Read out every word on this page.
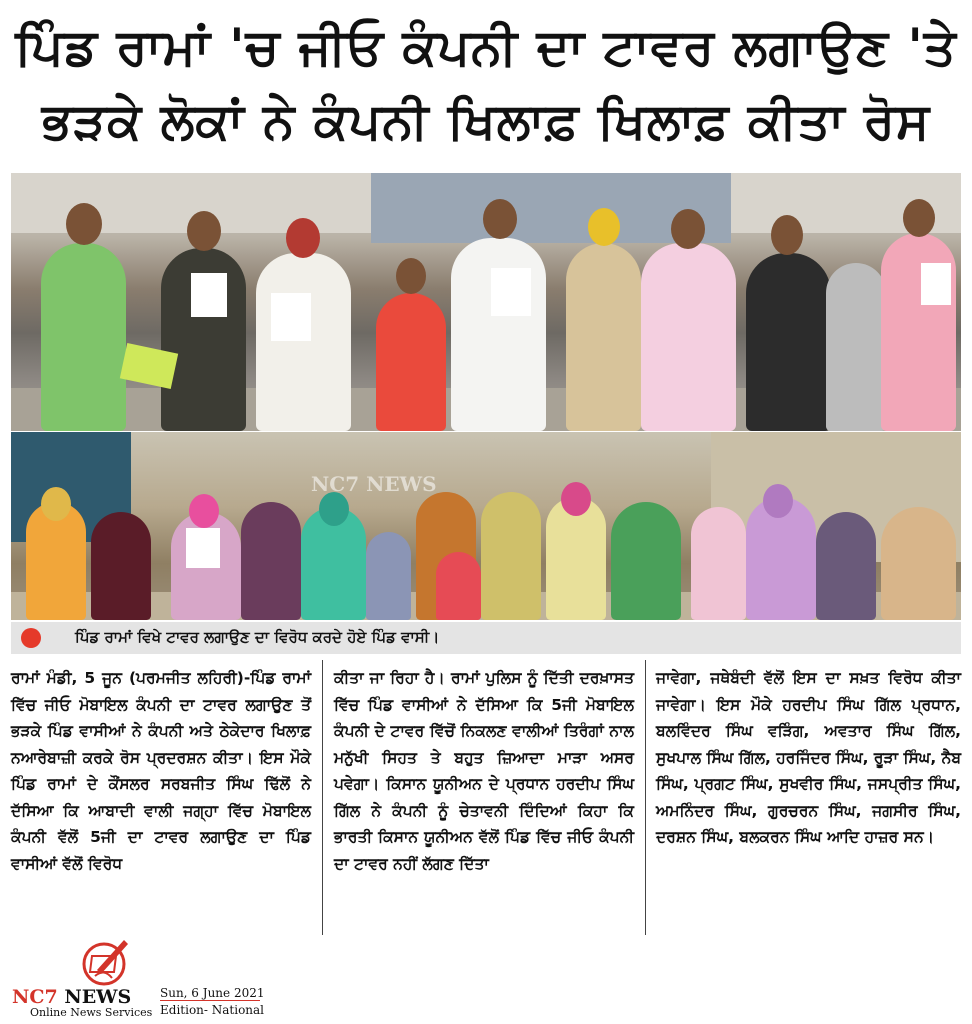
ਪਿੰਡ ਰਾਮਾਂ 'ਚ ਜੀਓ ਕੰਪਨੀ ਦਾ ਟਾਵਰ ਲਗਾਉਣ 'ਤੇ
ਭੜਕੇ ਲੋਕਾਂ ਨੇ ਕੰਪਨੀ ਖਿਲਾਫ਼ ਖਿਲਾਫ਼ ਕੀਤਾ ਰੋਸ
NC7 NEWS
ਪਿੰਡ ਰਾਮਾਂ ਵਿਖੇ ਟਾਵਰ ਲਗਾਉਣ ਦਾ ਵਿਰੋਧ ਕਰਦੇ ਹੋਏ ਪਿੰਡ ਵਾਸੀ।
ਰਾਮਾਂ ਮੰਡੀ, 5 ਜੂਨ (ਪਰਮਜੀਤ ਲਹਿਰੀ)-ਪਿੰਡ ਰਾਮਾਂ ਵਿੱਚ ਜੀਓ ਮੋਬਾਇਲ ਕੰਪਨੀ ਦਾ ਟਾਵਰ ਲਗਾਉਣ ਤੋਂ ਭੜਕੇ ਪਿੰਡ ਵਾਸੀਆਂ ਨੇ ਕੰਪਨੀ ਅਤੇ ਠੇਕੇਦਾਰ ਖਿਲਾਫ਼ ਨਆਰੇਬਾਜ਼ੀ ਕਰਕੇ ਰੋਸ ਪ੍ਰਦਰਸ਼ਨ ਕੀਤਾ। ਇਸ ਮੌਕੇ ਪਿੰਡ ਰਾਮਾਂ ਦੇ ਕੌਂਸਲਰ ਸਰਬਜੀਤ ਸਿੰਘ ਢਿੱਲੋਂ ਨੇ ਦੱਸਿਆ ਕਿ ਆਬਾਦੀ ਵਾਲੀ ਜਗ੍ਹਾ ਵਿੱਚ ਮੋਬਾਇਲ ਕੰਪਨੀ ਵੱਲੋਂ 5ਜੀ ਦਾ ਟਾਵਰ ਲਗਾਉਣ ਦਾ ਪਿੰਡ ਵਾਸੀਆਂ ਵੱਲੋਂ ਵਿਰੋਧ
ਕੀਤਾ ਜਾ ਰਿਹਾ ਹੈ। ਰਾਮਾਂ ਪੁਲਿਸ ਨੂੰ ਦਿੱਤੀ ਦਰਖ਼ਾਸਤ ਵਿੱਚ ਪਿੰਡ ਵਾਸੀਆਂ ਨੇ ਦੱਸਿਆ ਕਿ 5ਜੀ ਮੋਬਾਇਲ ਕੰਪਨੀ ਦੇ ਟਾਵਰ ਵਿੱਚੋਂ ਨਿਕਲਣ ਵਾਲੀਆਂ ਤਿਰੰਗਾਂ ਨਾਲ ਮਨੁੱਖੀ ਸਿਹਤ ਤੇ ਬਹੁਤ ਜ਼ਿਆਦਾ ਮਾੜਾ ਅਸਰ ਪਵੇਗਾ। ਕਿਸਾਨ ਯੂਨੀਅਨ ਦੇ ਪ੍ਰਧਾਨ ਹਰਦੀਪ ਸਿੰਘ ਗਿੱਲ ਨੇ ਕੰਪਨੀ ਨੂੰ ਚੇਤਾਵਨੀ ਦਿੰਦਿਆਂ ਕਿਹਾ ਕਿ ਭਾਰਤੀ ਕਿਸਾਨ ਯੂਨੀਅਨ ਵੱਲੋਂ ਪਿੰਡ ਵਿੱਚ ਜੀਓ ਕੰਪਨੀ ਦਾ ਟਾਵਰ ਨਹੀਂ ਲੱਗਣ ਦਿੱਤਾ
ਜਾਵੇਗਾ, ਜਥੇਬੰਦੀ ਵੱਲੋਂ ਇਸ ਦਾ ਸਖ਼ਤ ਵਿਰੋਧ ਕੀਤਾ ਜਾਵੇਗਾ। ਇਸ ਮੌਕੇ ਹਰਦੀਪ ਸਿੰਘ ਗਿੱਲ ਪ੍ਰਧਾਨ, ਬਲਵਿੰਦਰ ਸਿੰਘ ਵੜਿੰਗ, ਅਵਤਾਰ ਸਿੰਘ ਗਿੱਲ, ਸੁਖਪਾਲ ਸਿੰਘ ਗਿੱਲ, ਹਰਜਿੰਦਰ ਸਿੰਘ, ਰੂੜਾ ਸਿੰਘ, ਨੈਬ ਸਿੰਘ, ਪ੍ਰਗਟ ਸਿੰਘ, ਸੁਖਵੀਰ ਸਿੰਘ, ਜਸਪ੍ਰੀਤ ਸਿੰਘ, ਅਮਨਿੰਦਰ ਸਿੰਘ, ਗੁਰਚਰਨ ਸਿੰਘ, ਜਗਸੀਰ ਸਿੰਘ, ਦਰਸ਼ਨ ਸਿੰਘ, ਬਲਕਰਨ ਸਿੰਘ ਆਦਿ ਹਾਜ਼ਰ ਸਨ।
NC7 NEWS
Online News Services
Sun, 6 June 2021
Edition- National
